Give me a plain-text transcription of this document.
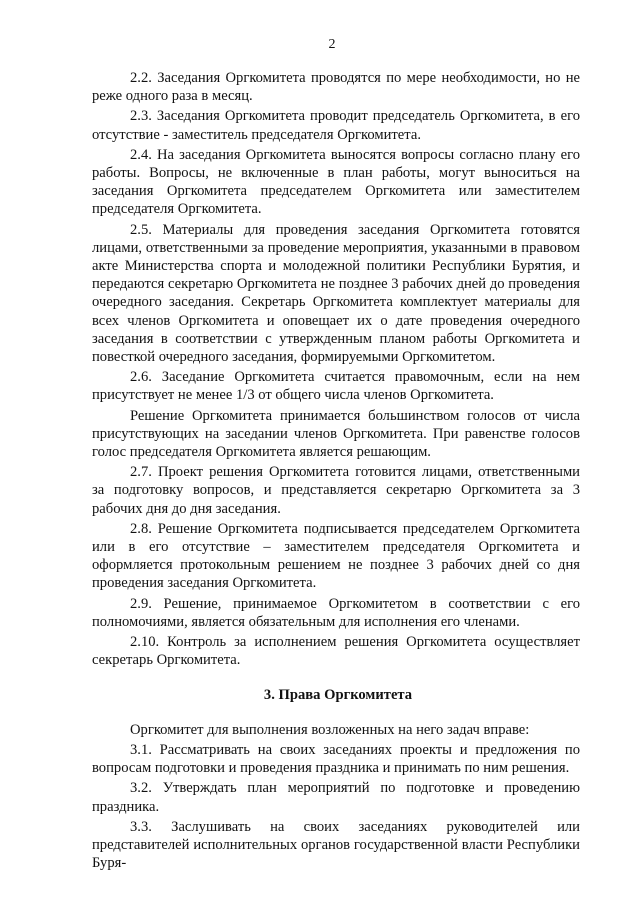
2

2.2. Заседания Оргкомитета проводятся по мере необходимости, но не реже одного раза в месяц.

2.3. Заседания Оргкомитета проводит председатель Оргкомитета, в его отсутствие - заместитель председателя Оргкомитета.

2.4. На заседания Оргкомитета выносятся вопросы согласно плану его работы. Вопросы, не включенные в план работы, могут выноситься на заседания Оргкомитета председателем Оргкомитета или заместителем председателя Оргкомитета.

2.5. Материалы для проведения заседания Оргкомитета готовятся лицами, ответственными за проведение мероприятия, указанными в правовом акте Министерства спорта и молодежной политики Республики Бурятия, и передаются секретарю Оргкомитета не позднее 3 рабочих дней до проведения очередного заседания. Секретарь Оргкомитета комплектует материалы для всех членов Оргкомитета и оповещает их о дате проведения очередного заседания в соответствии с утвержденным планом работы Оргкомитета и повесткой очередного заседания, формируемыми Оргкомитетом.

2.6. Заседание Оргкомитета считается правомочным, если на нем присутствует не менее 1/3 от общего числа членов Оргкомитета.

Решение Оргкомитета принимается большинством голосов от числа присутствующих на заседании членов Оргкомитета. При равенстве голосов голос председателя Оргкомитета является решающим.

2.7. Проект решения Оргкомитета готовится лицами, ответственными за подготовку вопросов, и представляется секретарю Оргкомитета за 3 рабочих дня до дня заседания.

2.8. Решение Оргкомитета подписывается председателем Оргкомитета или в его отсутствие – заместителем председателя Оргкомитета и оформляется протокольным решением не позднее 3 рабочих дней со дня проведения заседания Оргкомитета.

2.9. Решение, принимаемое Оргкомитетом в соответствии с его полномочиями, является обязательным для исполнения его членами.

2.10. Контроль за исполнением решения Оргкомитета осуществляет секретарь Оргкомитета.

3. Права Оргкомитета

Оргкомитет для выполнения возложенных на него задач вправе:

3.1. Рассматривать на своих заседаниях проекты и предложения по вопросам подготовки и проведения праздника и принимать по ним решения.

3.2. Утверждать план мероприятий по подготовке и проведению праздника.

3.3. Заслушивать на своих заседаниях руководителей или представителей исполнительных органов государственной власти Республики Буря-
